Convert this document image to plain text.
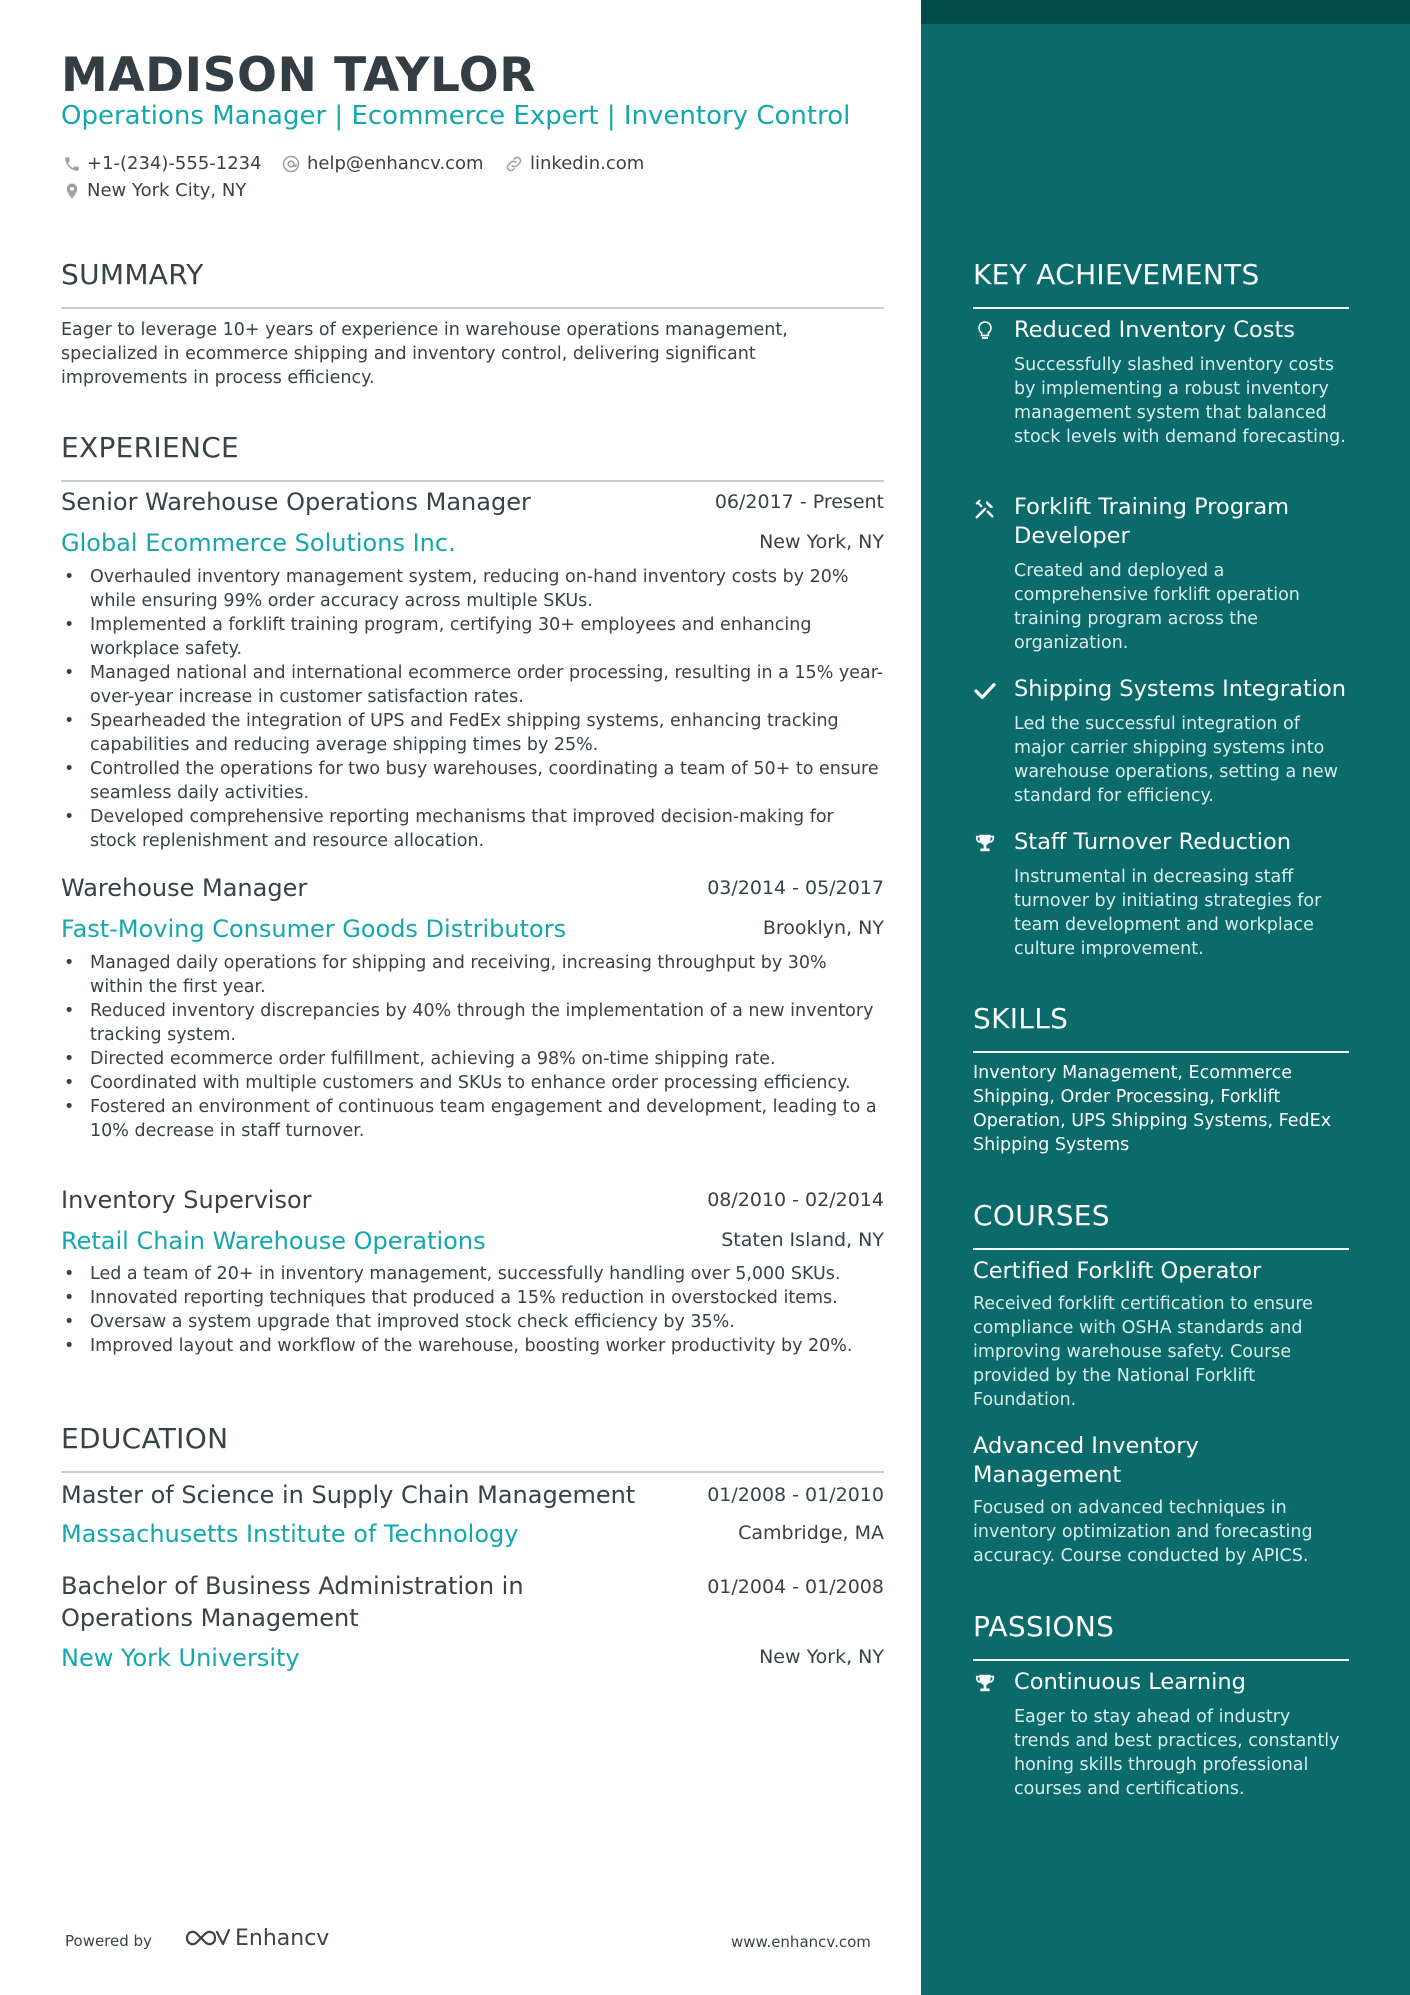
MADISON TAYLOR
Operations Manager | Ecommerce Expert | Inventory Control
+1-(234)-555-1234	help@enhancv.com	linkedin.com
New York City, NY
SUMMARY
Eager to leverage 10+ years of experience in warehouse operations management, specialized in ecommerce shipping and inventory control, delivering significant improvements in process efficiency.
EXPERIENCE
Senior Warehouse Operations Manager	06/2017 - Present
Global Ecommerce Solutions Inc.	New York, NY
• Overhauled inventory management system, reducing on-hand inventory costs by 20% while ensuring 99% order accuracy across multiple SKUs.
• Implemented a forklift training program, certifying 30+ employees and enhancing workplace safety.
• Managed national and international ecommerce order processing, resulting in a 15% year-over-year increase in customer satisfaction rates.
• Spearheaded the integration of UPS and FedEx shipping systems, enhancing tracking capabilities and reducing average shipping times by 25%.
• Controlled the operations for two busy warehouses, coordinating a team of 50+ to ensure seamless daily activities.
• Developed comprehensive reporting mechanisms that improved decision-making for stock replenishment and resource allocation.
Warehouse Manager	03/2014 - 05/2017
Fast-Moving Consumer Goods Distributors	Brooklyn, NY
• Managed daily operations for shipping and receiving, increasing throughput by 30% within the first year.
• Reduced inventory discrepancies by 40% through the implementation of a new inventory tracking system.
• Directed ecommerce order fulfillment, achieving a 98% on-time shipping rate.
• Coordinated with multiple customers and SKUs to enhance order processing efficiency.
• Fostered an environment of continuous team engagement and development, leading to a 10% decrease in staff turnover.
Inventory Supervisor	08/2010 - 02/2014
Retail Chain Warehouse Operations	Staten Island, NY
• Led a team of 20+ in inventory management, successfully handling over 5,000 SKUs.
• Innovated reporting techniques that produced a 15% reduction in overstocked items.
• Oversaw a system upgrade that improved stock check efficiency by 35%.
• Improved layout and workflow of the warehouse, boosting worker productivity by 20%.
EDUCATION
Master of Science in Supply Chain Management	01/2008 - 01/2010
Massachusetts Institute of Technology	Cambridge, MA
Bachelor of Business Administration in Operations Management
01/2004 - 01/2008
New York University	New York, NY
Powered by	Enhancv	www.enhancv.com
KEY ACHIEVEMENTS
Reduced Inventory Costs
Successfully slashed inventory costs by implementing a robust inventory management system that balanced stock levels with demand forecasting.
Forklift Training Program Developer
Created and deployed a comprehensive forklift operation training program across the organization.
Shipping Systems Integration
Led the successful integration of major carrier shipping systems into warehouse operations, setting a new standard for efficiency.
Staff Turnover Reduction
Instrumental in decreasing staff turnover by initiating strategies for team development and workplace culture improvement.
SKILLS
Inventory Management, Ecommerce Shipping, Order Processing, Forklift Operation, UPS Shipping Systems, FedEx Shipping Systems
COURSES
Certified Forklift Operator
Received forklift certification to ensure compliance with OSHA standards and improving warehouse safety. Course provided by the National Forklift Foundation.
Advanced Inventory Management
Focused on advanced techniques in inventory optimization and forecasting accuracy. Course conducted by APICS.
PASSIONS
Continuous Learning
Eager to stay ahead of industry trends and best practices, constantly honing skills through professional courses and certifications.
